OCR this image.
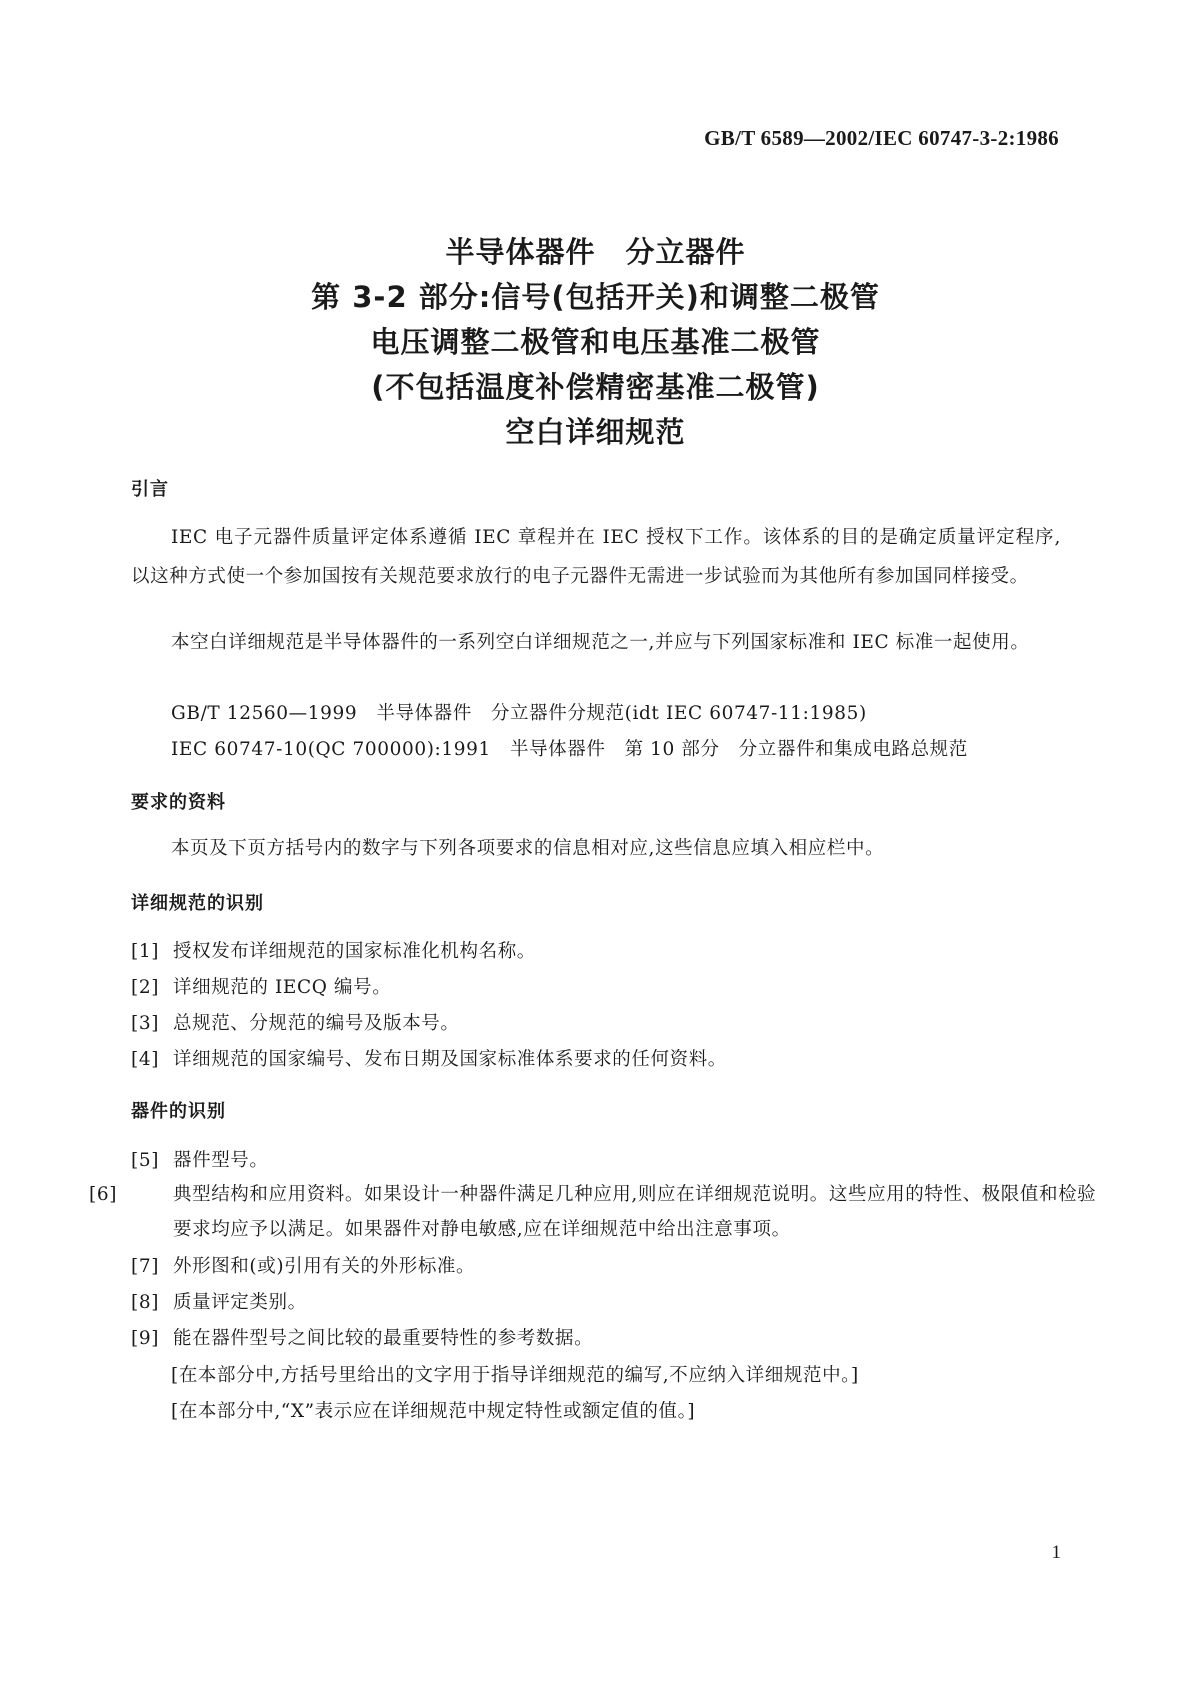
GB/T 6589—2002/IEC 60747-3-2:1986
半导体器件　分立器件
第 3-2 部分:信号(包括开关)和调整二极管
电压调整二极管和电压基准二极管
(不包括温度补偿精密基准二极管)
空白详细规范
引言
IEC 电子元器件质量评定体系遵循 IEC 章程并在 IEC 授权下工作。该体系的目的是确定质量评定程序,以这种方式使一个参加国按有关规范要求放行的电子元器件无需进一步试验而为其他所有参加国同样接受。
本空白详细规范是半导体器件的一系列空白详细规范之一,并应与下列国家标准和 IEC 标准一起使用。
GB/T 12560—1999　半导体器件　分立器件分规范(idt IEC 60747-11:1985)
IEC 60747-10(QC 700000):1991　半导体器件　第 10 部分　分立器件和集成电路总规范
要求的资料
本页及下页方括号内的数字与下列各项要求的信息相对应,这些信息应填入相应栏中。
详细规范的识别
[1] 授权发布详细规范的国家标准化机构名称。
[2] 详细规范的 IECQ 编号。
[3] 总规范、分规范的编号及版本号。
[4] 详细规范的国家编号、发布日期及国家标准体系要求的任何资料。
器件的识别
[5] 器件型号。
[6]	典型结构和应用资料。如果设计一种器件满足几种应用,则应在详细规范说明。这些应用的特性、极限值和检验要求均应予以满足。如果器件对静电敏感,应在详细规范中给出注意事项。
[7] 外形图和(或)引用有关的外形标准。
[8] 质量评定类别。
[9] 能在器件型号之间比较的最重要特性的参考数据。
[在本部分中,方括号里给出的文字用于指导详细规范的编写,不应纳入详细规范中。]
[在本部分中,“X”表示应在详细规范中规定特性或额定值的值。]
1
